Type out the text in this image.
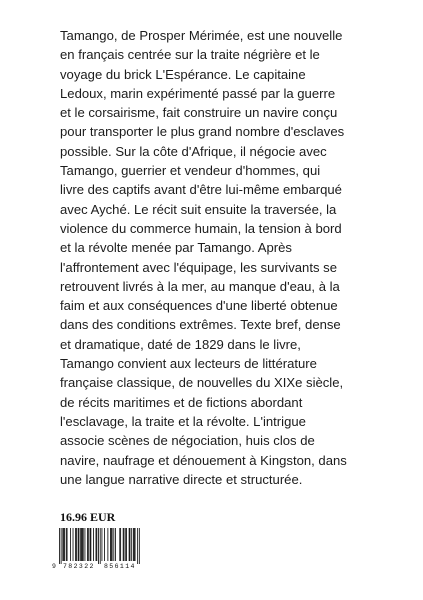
Tamango, de Prosper Mérimée, est une nouvelle
en français centrée sur la traite négrière et le
voyage du brick L'Espérance. Le capitaine
Ledoux, marin expérimenté passé par la guerre
et le corsairisme, fait construire un navire conçu
pour transporter le plus grand nombre d'esclaves
possible. Sur la côte d'Afrique, il négocie avec
Tamango, guerrier et vendeur d'hommes, qui
livre des captifs avant d'être lui-même embarqué
avec Ayché. Le récit suit ensuite la traversée, la
violence du commerce humain, la tension à bord
et la révolte menée par Tamango. Après
l'affrontement avec l'équipage, les survivants se
retrouvent livrés à la mer, au manque d'eau, à la
faim et aux conséquences d'une liberté obtenue
dans des conditions extrêmes. Texte bref, dense
et dramatique, daté de 1829 dans le livre,
Tamango convient aux lecteurs de littérature
française classique, de nouvelles du XIXe siècle,
de récits maritimes et de fictions abordant
l'esclavage, la traite et la révolte. L'intrigue
associe scènes de négociation, huis clos de
navire, naufrage et dénouement à Kingston, dans
une langue narrative directe et structurée.
16.96 EUR
9 782322 856114
